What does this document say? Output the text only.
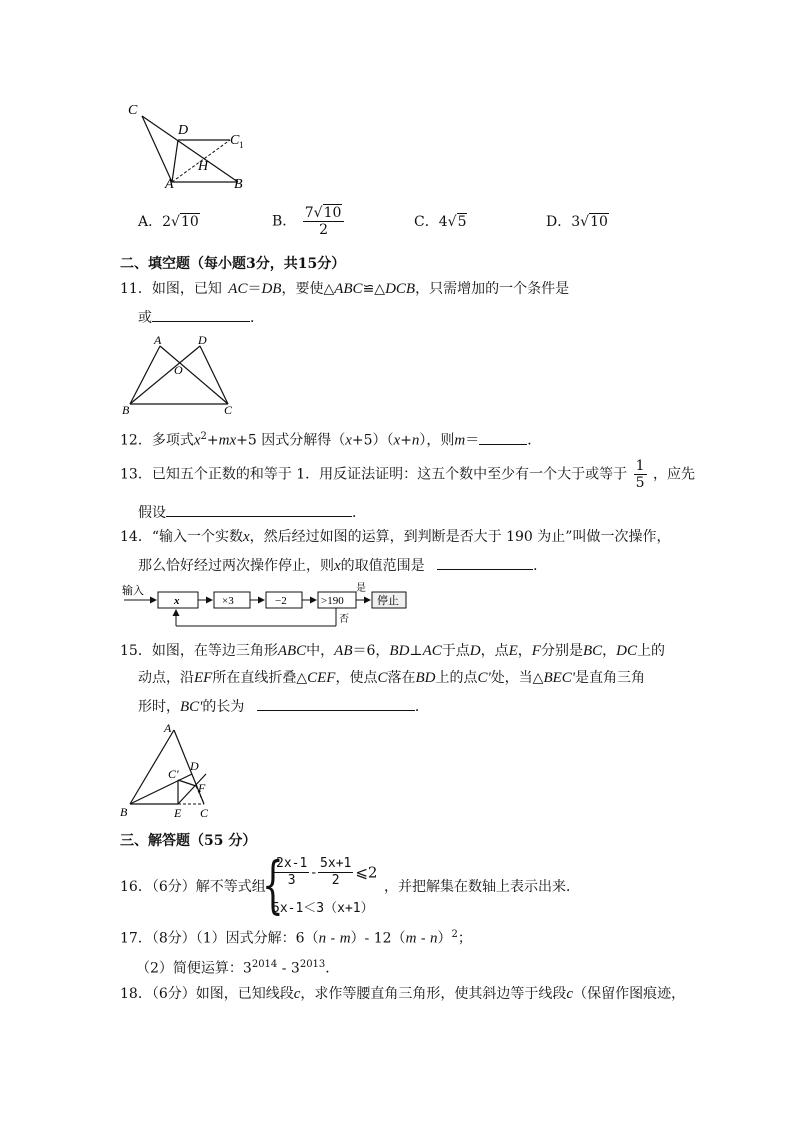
C
D
C 1
H
A	B
A．2√10	B． $\frac{7√10}{2}$	C．4√5	D．3√10
二、填空题（每小题3分，共15分）
11．如图，已知 AC＝DB，要使△ABC≌△DCB，只需增加的一个条件是
或	．
A	D
O
B	C
12．多项式$x^2+mx+5$ 因式分解得（x+5）（x+n），则m＝	．
13．已知五个正数的和等于 1．用反证法证明：这五个数中至少有一个大于或等于 $\frac{1}{5}$ ，应先
假设	．
14．“输入一个实数x，然后经过如图的运算，到判断是否大于 190 为止”叫做一次操作，
那么恰好经过两次操作停止，则x的取值范围是	．
输入
x	×3	−2	>190
是
停止
否
15．如图，在等边三角形ABC中，AB＝6，BD⊥AC于点D，点E，F分别是BC，DC上的
动点，沿EF所在直线折叠△CEF，使点C落在BD上的点C'处，当△BEC'是直角三角
形时，BC'的长为	．
A
C′
D
F
B	E C
三、解答题（55 分）
16．（6分）解不等式组
{
$\frac{2x-1}{3} - \frac{5x+1}{2}$ ⩽2
5x-1＜3（x+1）
，并把解集在数轴上表示出来．
17．（8分）（1）因式分解：6（n - m）- 12（m - n）$^2$；
（2）简便运算：$3^{2014} - 3^{2013}$．
18．（6分）如图，已知线段c，求作等腰直角三角形，使其斜边等于线段c（保留作图痕迹，
